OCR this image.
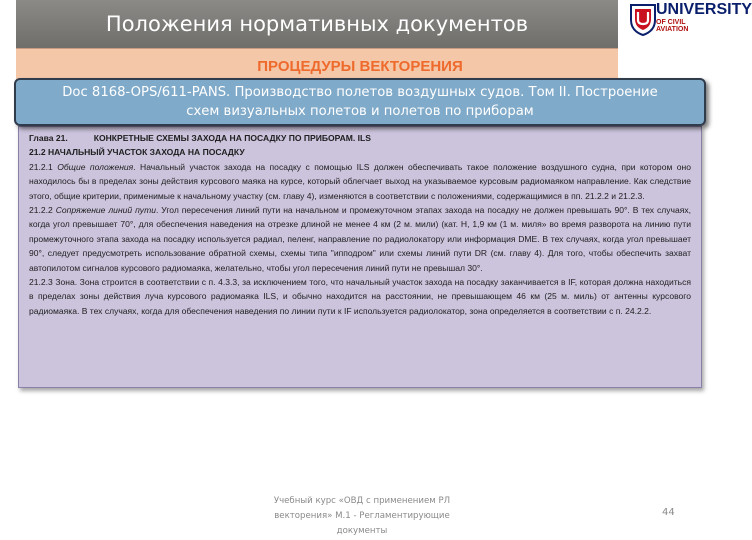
Положения нормативных документов
UNIVERSITY
OF CIVIL AVIATION
ПРОЦЕДУРЫ ВЕКТОРЕНИЯ
Doc 8168-OPS/611-PANS. Производство полетов воздушных судов. Том II. Построение
схем визуальных полетов и полетов по приборам

Глава 21.	КОНКРЕТНЫЕ СХЕМЫ ЗАХОДА НА ПОСАДКУ ПО ПРИБОРАМ. ILS

21.2 НАЧАЛЬНЫЙ УЧАСТОК ЗАХОДА НА ПОСАДКУ

21.2.1 Общие положения. Начальный участок захода на посадку с помощью ILS должен обеспечивать такое положение воздушного судна, при котором оно находилось бы в пределах зоны действия курсового маяка на курсе, который облегчает выход на указываемое курсовым радиомаяком направление. Как следствие этого, общие критерии, применимые к начальному участку (см. главу 4), изменяются в соответствии с положениями, содержащимися в пп. 21.2.2 и 21.2.3.

21.2.2 Сопряжение линий пути. Угол пересечения линий пути на начальном и промежуточном этапах захода на посадку не должен превышать 90°. В тех случаях, когда угол превышает 70°, для обеспечения наведения на отрезке длиной не менее 4 км (2 м. мили) (кат. Н, 1,9 км (1 м. миля» во время разворота на линию пути промежуточного этапа захода на посадку используется радиал, пеленг, направление по радиолокатору или информация DME. В тех случаях, когда угол превышает 90°, следует предусмотреть использование обратной схемы, схемы типа "ипподром" или схемы линий пути DR (см. главу 4). Для того, чтобы обеспечить захват автопилотом сигналов курсового радиомаяка, желательно, чтобы угол пересечения линий пути не превышал 30°.

21.2.3 Зона. Зона строится в соответствии с п. 4.3.3, за исключением того, что начальный участок захода на посадку заканчивается в IF, которая должна находиться в пределах зоны действия луча курсового радиомаяка ILS, и обычно находится на расстоянии, не превышающем 46 км (25 м. миль) от антенны курсового радиомаяка. В тех случаях, когда для обеспечения наведения по линии пути к IF используется радиолокатор, зона определяется в соответствии с п. 24.2.2.

Учебный курс «ОВД с применением РЛ
векторения» М.1 - Регламентирующие
документы
44
